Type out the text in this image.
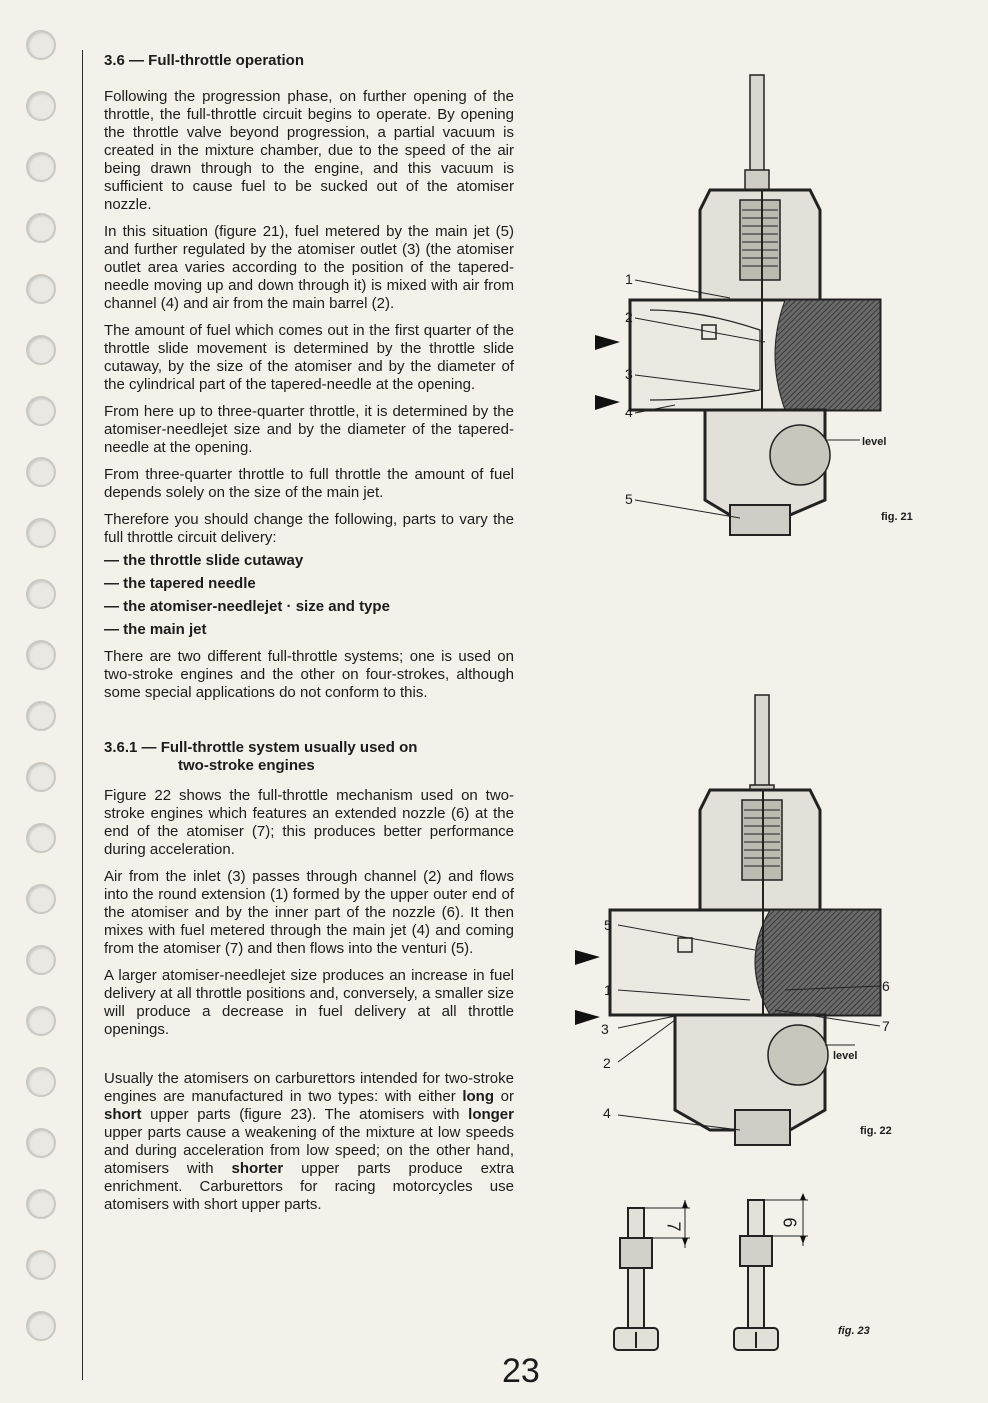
3.6 — Full-throttle operation

Following the progression phase, on further opening of the throttle, the full-throttle circuit begins to operate. By opening the throttle valve beyond progression, a partial vacuum is created in the mixture chamber, due to the speed of the air being drawn through to the engine, and this vacuum is sufficient to cause fuel to be sucked out of the atomiser nozzle.

In this situation (figure 21), fuel metered by the main jet (5) and further regulated by the atomiser outlet (3) (the atomiser outlet area varies according to the position of the tapered-needle moving up and down through it) is mixed with air from channel (4) and air from the main barrel (2).

The amount of fuel which comes out in the first quarter of the throttle slide movement is determined by the throttle slide cutaway, by the size of the atomiser and by the diameter of the cylindrical part of the tapered-needle at the opening.

From here up to three-quarter throttle, it is determined by the atomiser-needlejet size and by the diameter of the tapered-needle at the opening.

From three-quarter throttle to full throttle the amount of fuel depends solely on the size of the main jet.

Therefore you should change the following, parts to vary the full throttle circuit delivery:

— the throttle slide cutaway
— the tapered needle
— the atomiser-needlejet · size and type
— the main jet

There are two different full-throttle systems; one is used on two-stroke engines and the other on four-strokes, although some special applications do not conform to this.

3.6.1 — Full-throttle system usually used on
two-stroke engines

Figure 22 shows the full-throttle mechanism used on two-stroke engines which features an extended nozzle (6) at the end of the atomiser (7); this produces better performance during acceleration.

Air from the inlet (3) passes through channel (2) and flows into the round extension (1) formed by the upper outer end of the atomiser and by the inner part of the nozzle (6). It then mixes with fuel metered through the main jet (4) and coming from the atomiser (7) and then flows into the venturi (5).

A larger atomiser-needlejet size produces an increase in fuel delivery at all throttle positions and, conversely, a smaller size will produce a decrease in fuel delivery at all throttle openings.

Usually the atomisers on carburettors intended for two-stroke engines are manufactured in two types: with either long or short upper parts (figure 23). The atomisers with longer upper parts cause a weakening of the mixture at low speeds and during acceleration from low speed; on the other hand, atomisers with shorter upper parts produce extra enrichment. Carburettors for racing motorcycles use atomisers with short upper parts.

1
2
3
4
5
level
fig. 21
5
1
3
2
4
6
7
level
fig. 22
7	6
fig. 23
23
